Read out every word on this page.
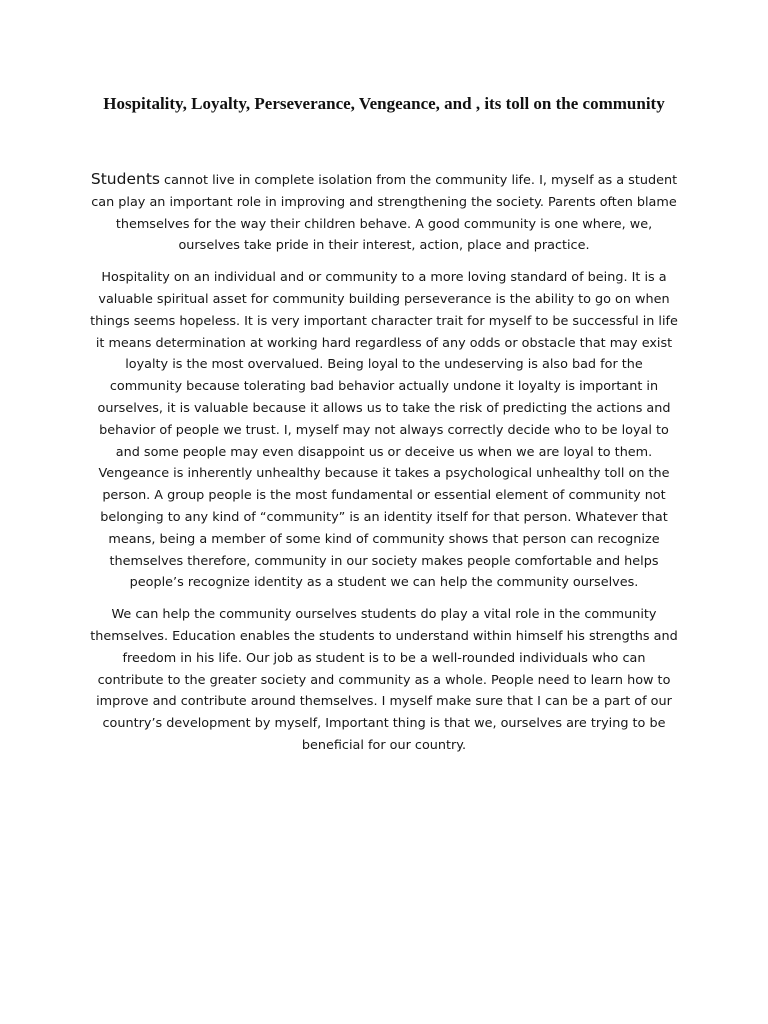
Hospitality, Loyalty, Perseverance, Vengeance, and , its toll on the community

Students cannot live in complete isolation from the community life. I, myself as a student can play an important role in improving and strengthening the society. Parents often blame themselves for the way their children behave. A good community is one where, we, ourselves take pride in their interest, action, place and practice.

Hospitality on an individual and or community to a more loving standard of being. It is a valuable spiritual asset for community building perseverance is the ability to go on when things seems hopeless. It is very important character trait for myself to be successful in life it means determination at working hard regardless of any odds or obstacle that may exist loyalty is the most overvalued. Being loyal to the undeserving is also bad for the community because tolerating bad behavior actually undone it loyalty is important in ourselves, it is valuable because it allows us to take the risk of predicting the actions and behavior of people we trust. I, myself may not always correctly decide who to be loyal to and some people may even disappoint us or deceive us when we are loyal to them. Vengeance is inherently unhealthy because it takes a psychological unhealthy toll on the person. A group people is the most fundamental or essential element of community not belonging to any kind of “community” is an identity itself for that person. Whatever that means, being a member of some kind of community shows that person can recognize themselves therefore, community in our society makes people comfortable and helps people’s recognize identity as a student we can help the community ourselves.

We can help the community ourselves students do play a vital role in the community themselves. Education enables the students to understand within himself his strengths and freedom in his life. Our job as student is to be a well-rounded individuals who can contribute to the greater society and community as a whole. People need to learn how to improve and contribute around themselves. I myself make sure that I can be a part of our country’s development by myself, Important thing is that we, ourselves are trying to be beneficial for our country.
